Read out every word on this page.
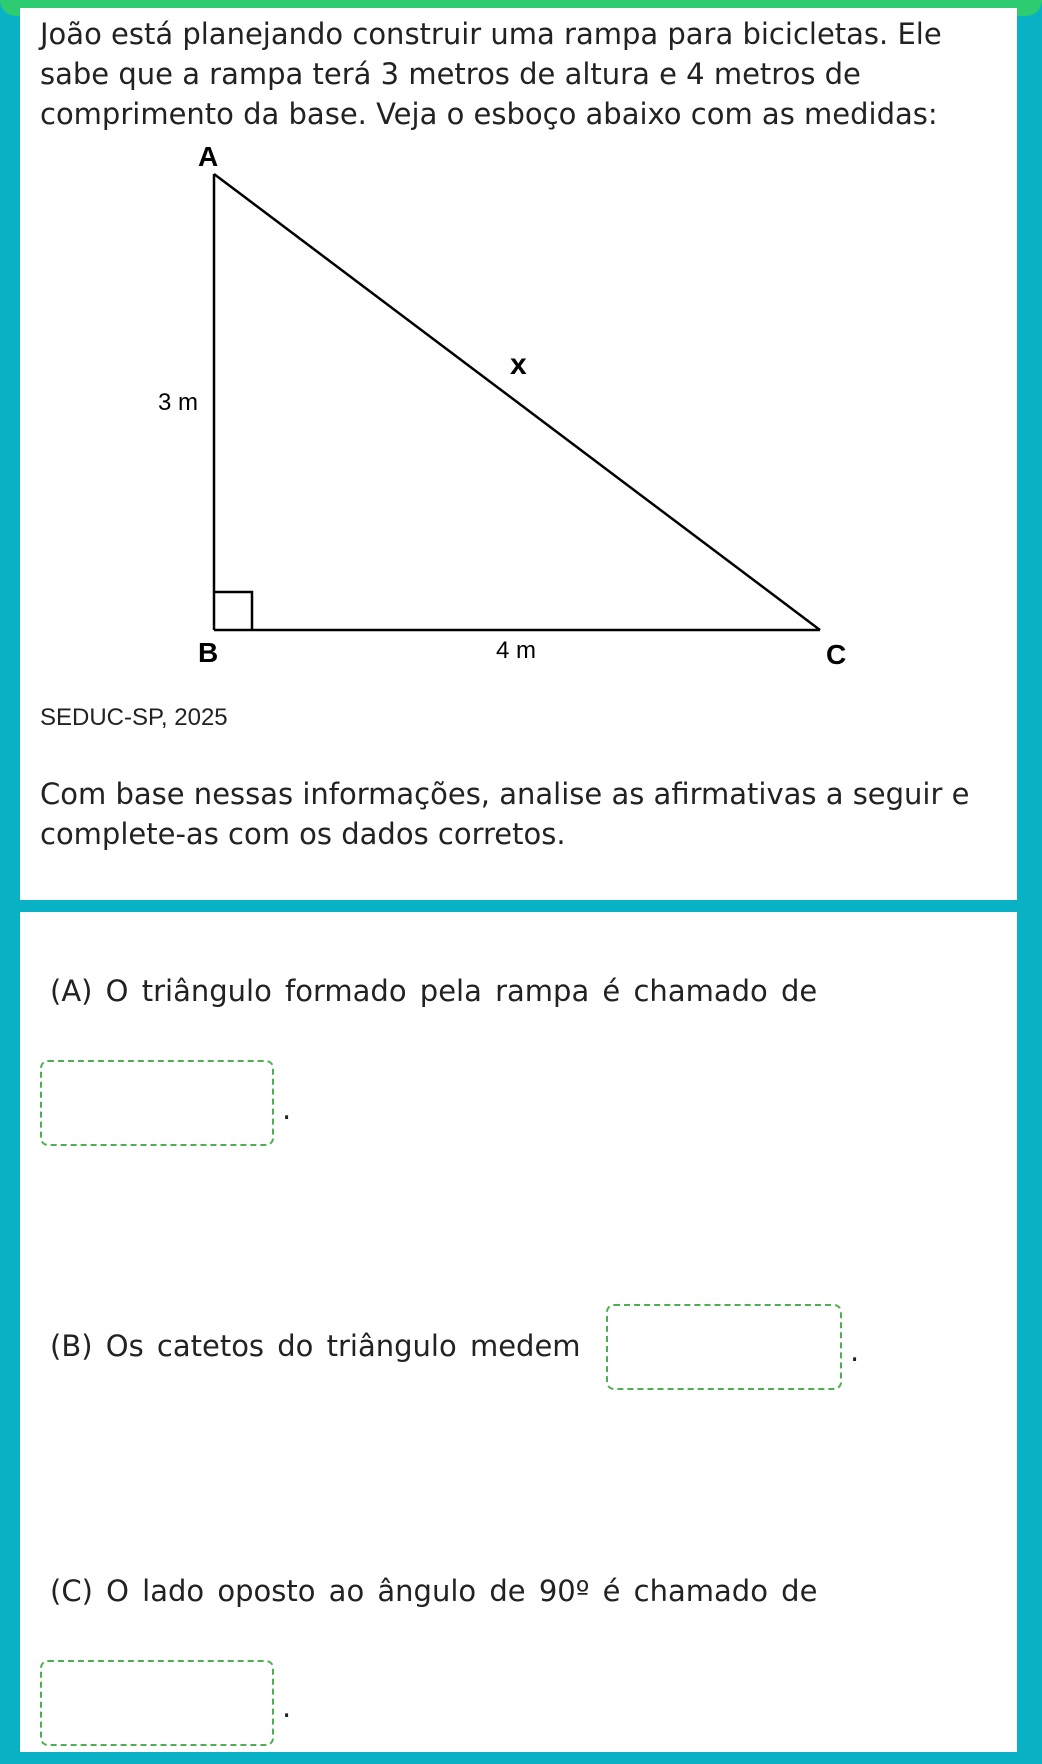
João está planejando construir uma rampa para bicicletas. Ele sabe que a rampa terá 3 metros de altura e 4 metros de comprimento da base. Veja o esboço abaixo com as medidas:

A
B	C
3 m
4 m
x

SEDUC-SP, 2025

Com base nessas informações, analise as afirmativas a seguir e complete-as com os dados corretos.

(A) O triângulo formado pela rampa é chamado de
.
(B) Os catetos do triângulo medem	.
(C) O lado oposto ao ângulo de 90º é chamado de
.
